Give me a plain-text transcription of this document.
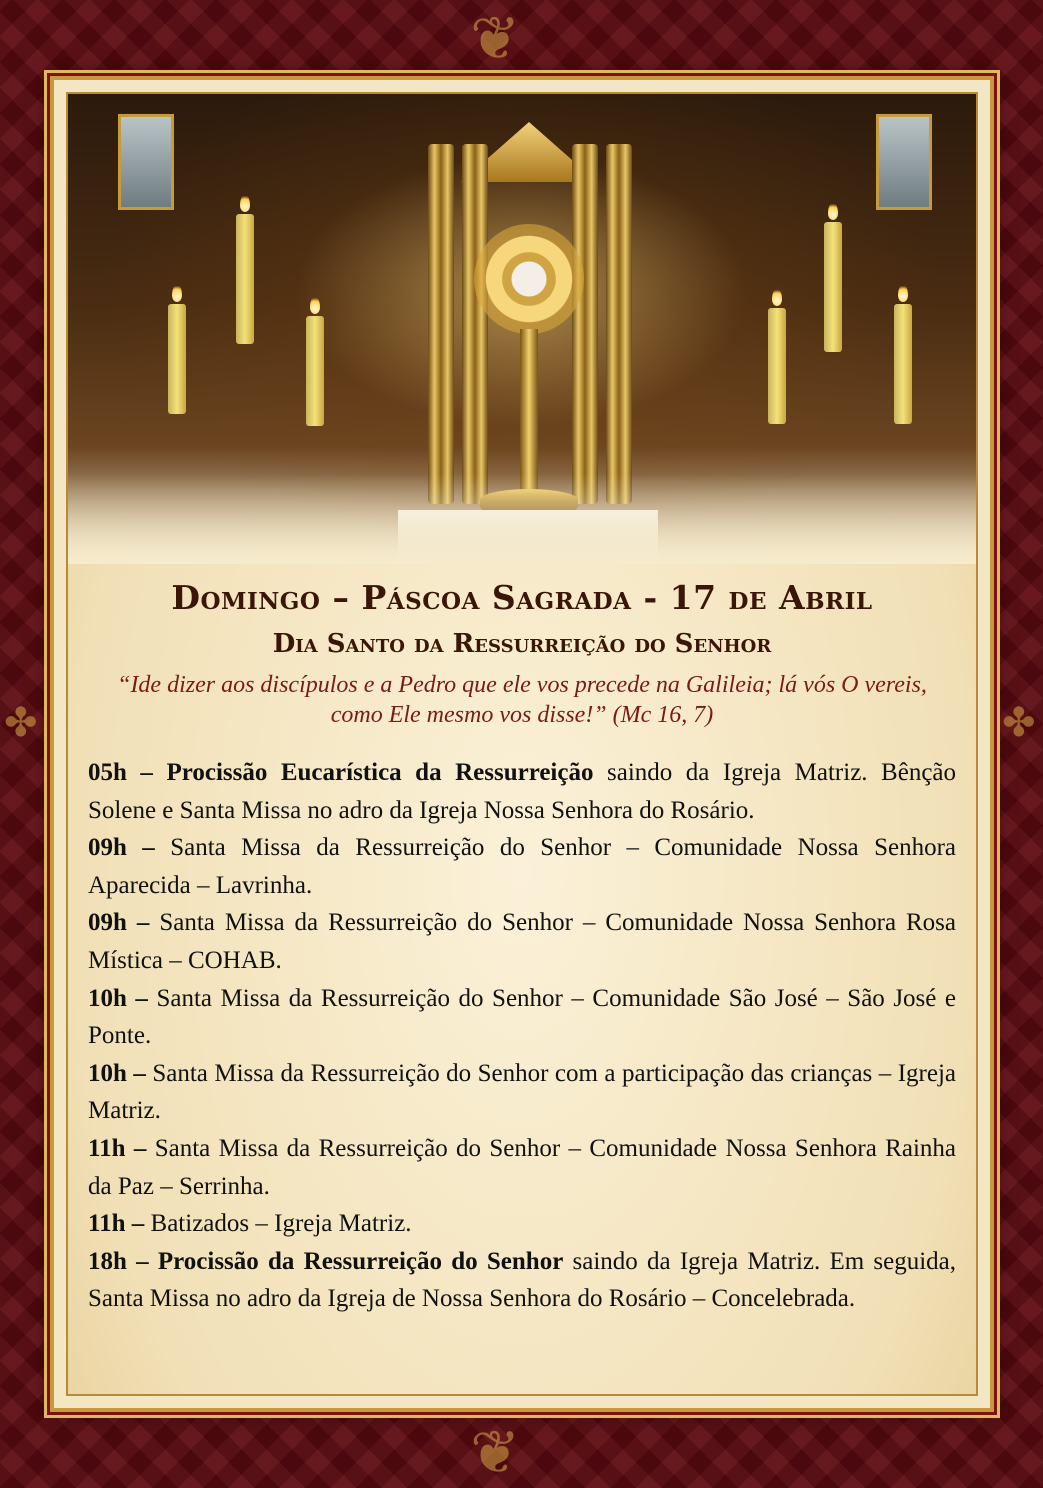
❦
❦
✤	✤
Domingo – Páscoa Sagrada - 17 de Abril
Dia Santo da Ressurreição do Senhor
“Ide dizer aos discípulos e a Pedro que ele vos precede na Galileia; lá vós O vereis, como Ele mesmo vos disse!” (Mc 16, 7)

05h – Procissão Eucarística da Ressurreição saindo da Igreja Matriz. Bênção Solene e Santa Missa no adro da Igreja Nossa Senhora do Rosário.

09h – Santa Missa da Ressurreição do Senhor – Comunidade Nossa Senhora Aparecida – Lavrinha.

09h – Santa Missa da Ressurreição do Senhor – Comunidade Nossa Senhora Rosa Mística – COHAB.

10h – Santa Missa da Ressurreição do Senhor – Comunidade São José – São José e Ponte.

10h – Santa Missa da Ressurreição do Senhor com a participação das crianças – Igreja Matriz.

11h – Santa Missa da Ressurreição do Senhor – Comunidade Nossa Senhora Rainha da Paz – Serrinha.

11h – Batizados – Igreja Matriz.

18h – Procissão da Ressurreição do Senhor saindo da Igreja Matriz. Em seguida, Santa Missa no adro da Igreja de Nossa Senhora do Rosário – Concelebrada.
